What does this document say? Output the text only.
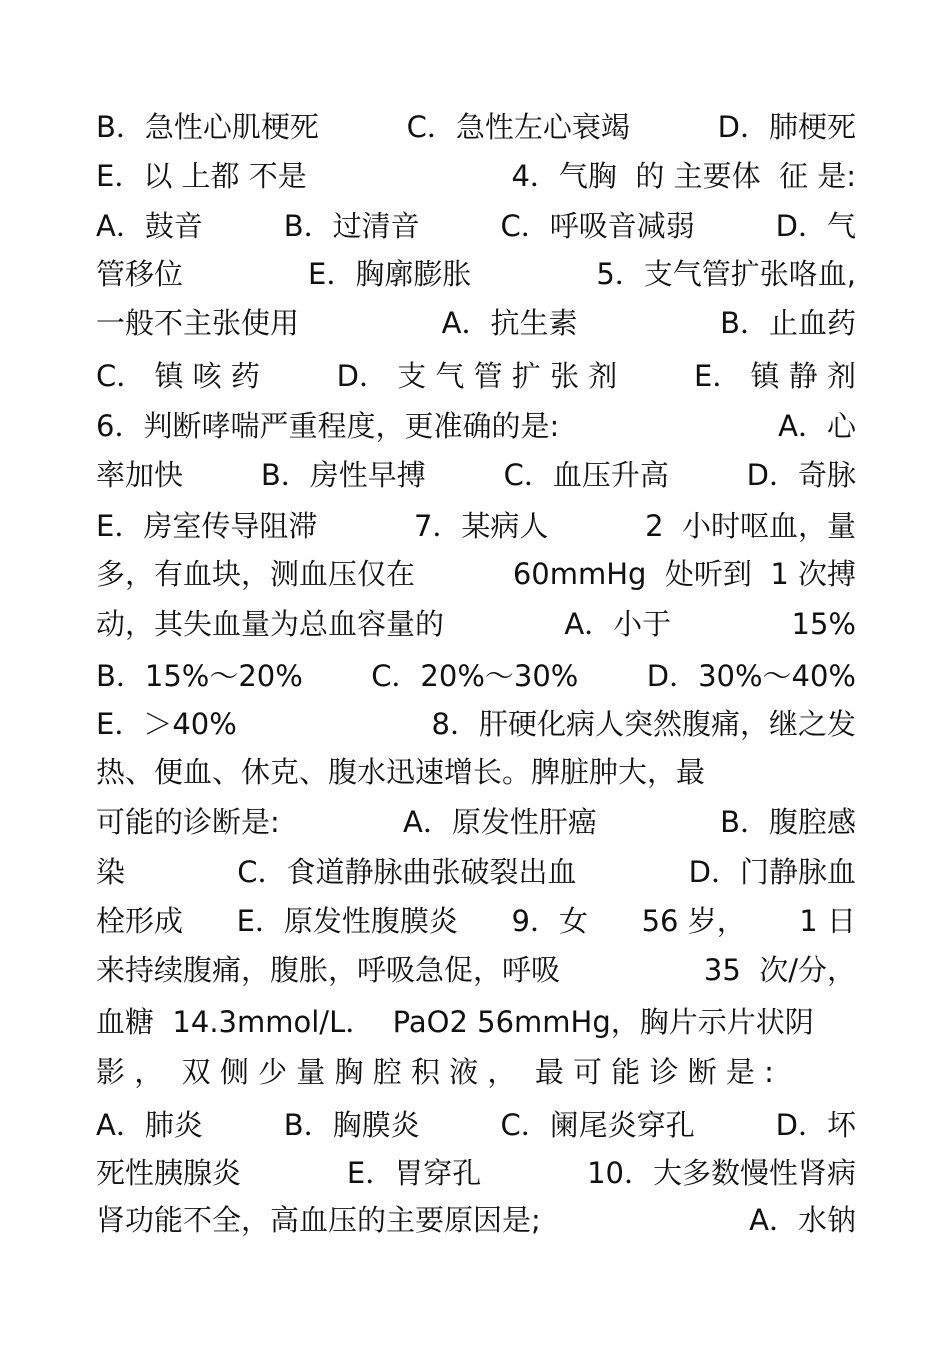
B．急性心肌梗死	C．急性左心衰竭	D．肺梗死
E．以 上都 不是	4．气胸  的 主要体  征 是:
A．鼓音	B．过清音	C．呼吸音减弱	D．气
管移位	E．胸廓膨胀	5．支气管扩张咯血,
一般不主张使用	A．抗生素	B．止血药
C． 镇 咳 药	D． 支 气 管 扩 张 剂	E． 镇 静 剂
6．判断哮喘严重程度，更准确的是:	A．心
率加快	B．房性早搏	C．血压升高	D．奇脉
E．房室传导阻滞	7．某病人	2  小时呕血，量
多，有血块，测血压仅在	60mmHg  处听到  1 次搏
动，其失血量为总血容量的	A．小于	15%
B．15%～20% C．20%～30% D．30%～40%
E．＞40%	8．肝硬化病人突然腹痛，继之发
热、便血、休克、腹水迅速增长。脾脏肿大，最
可能的诊断是:	A．原发性肝癌	B．腹腔感
染	C．食道静脉曲张破裂出血	D．门静脉血
栓形成 E．原发性腹膜炎 9．女 56 岁， 1 日
来持续腹痛，腹胀，呼吸急促，呼吸	35  次/分，
血糖  14.3mmol/L．  PaO2 56mmHg，胸片示片状阴
影 ，  双 侧 少 量 胸 腔 积 液 ，  最 可 能 诊 断 是 :
A．肺炎	B．胸膜炎	C．阑尾炎穿孔	D．坏
死性胰腺炎	E．胃穿孔	10．大多数慢性肾病
肾功能不全，高血压的主要原因是;	A．水钠
